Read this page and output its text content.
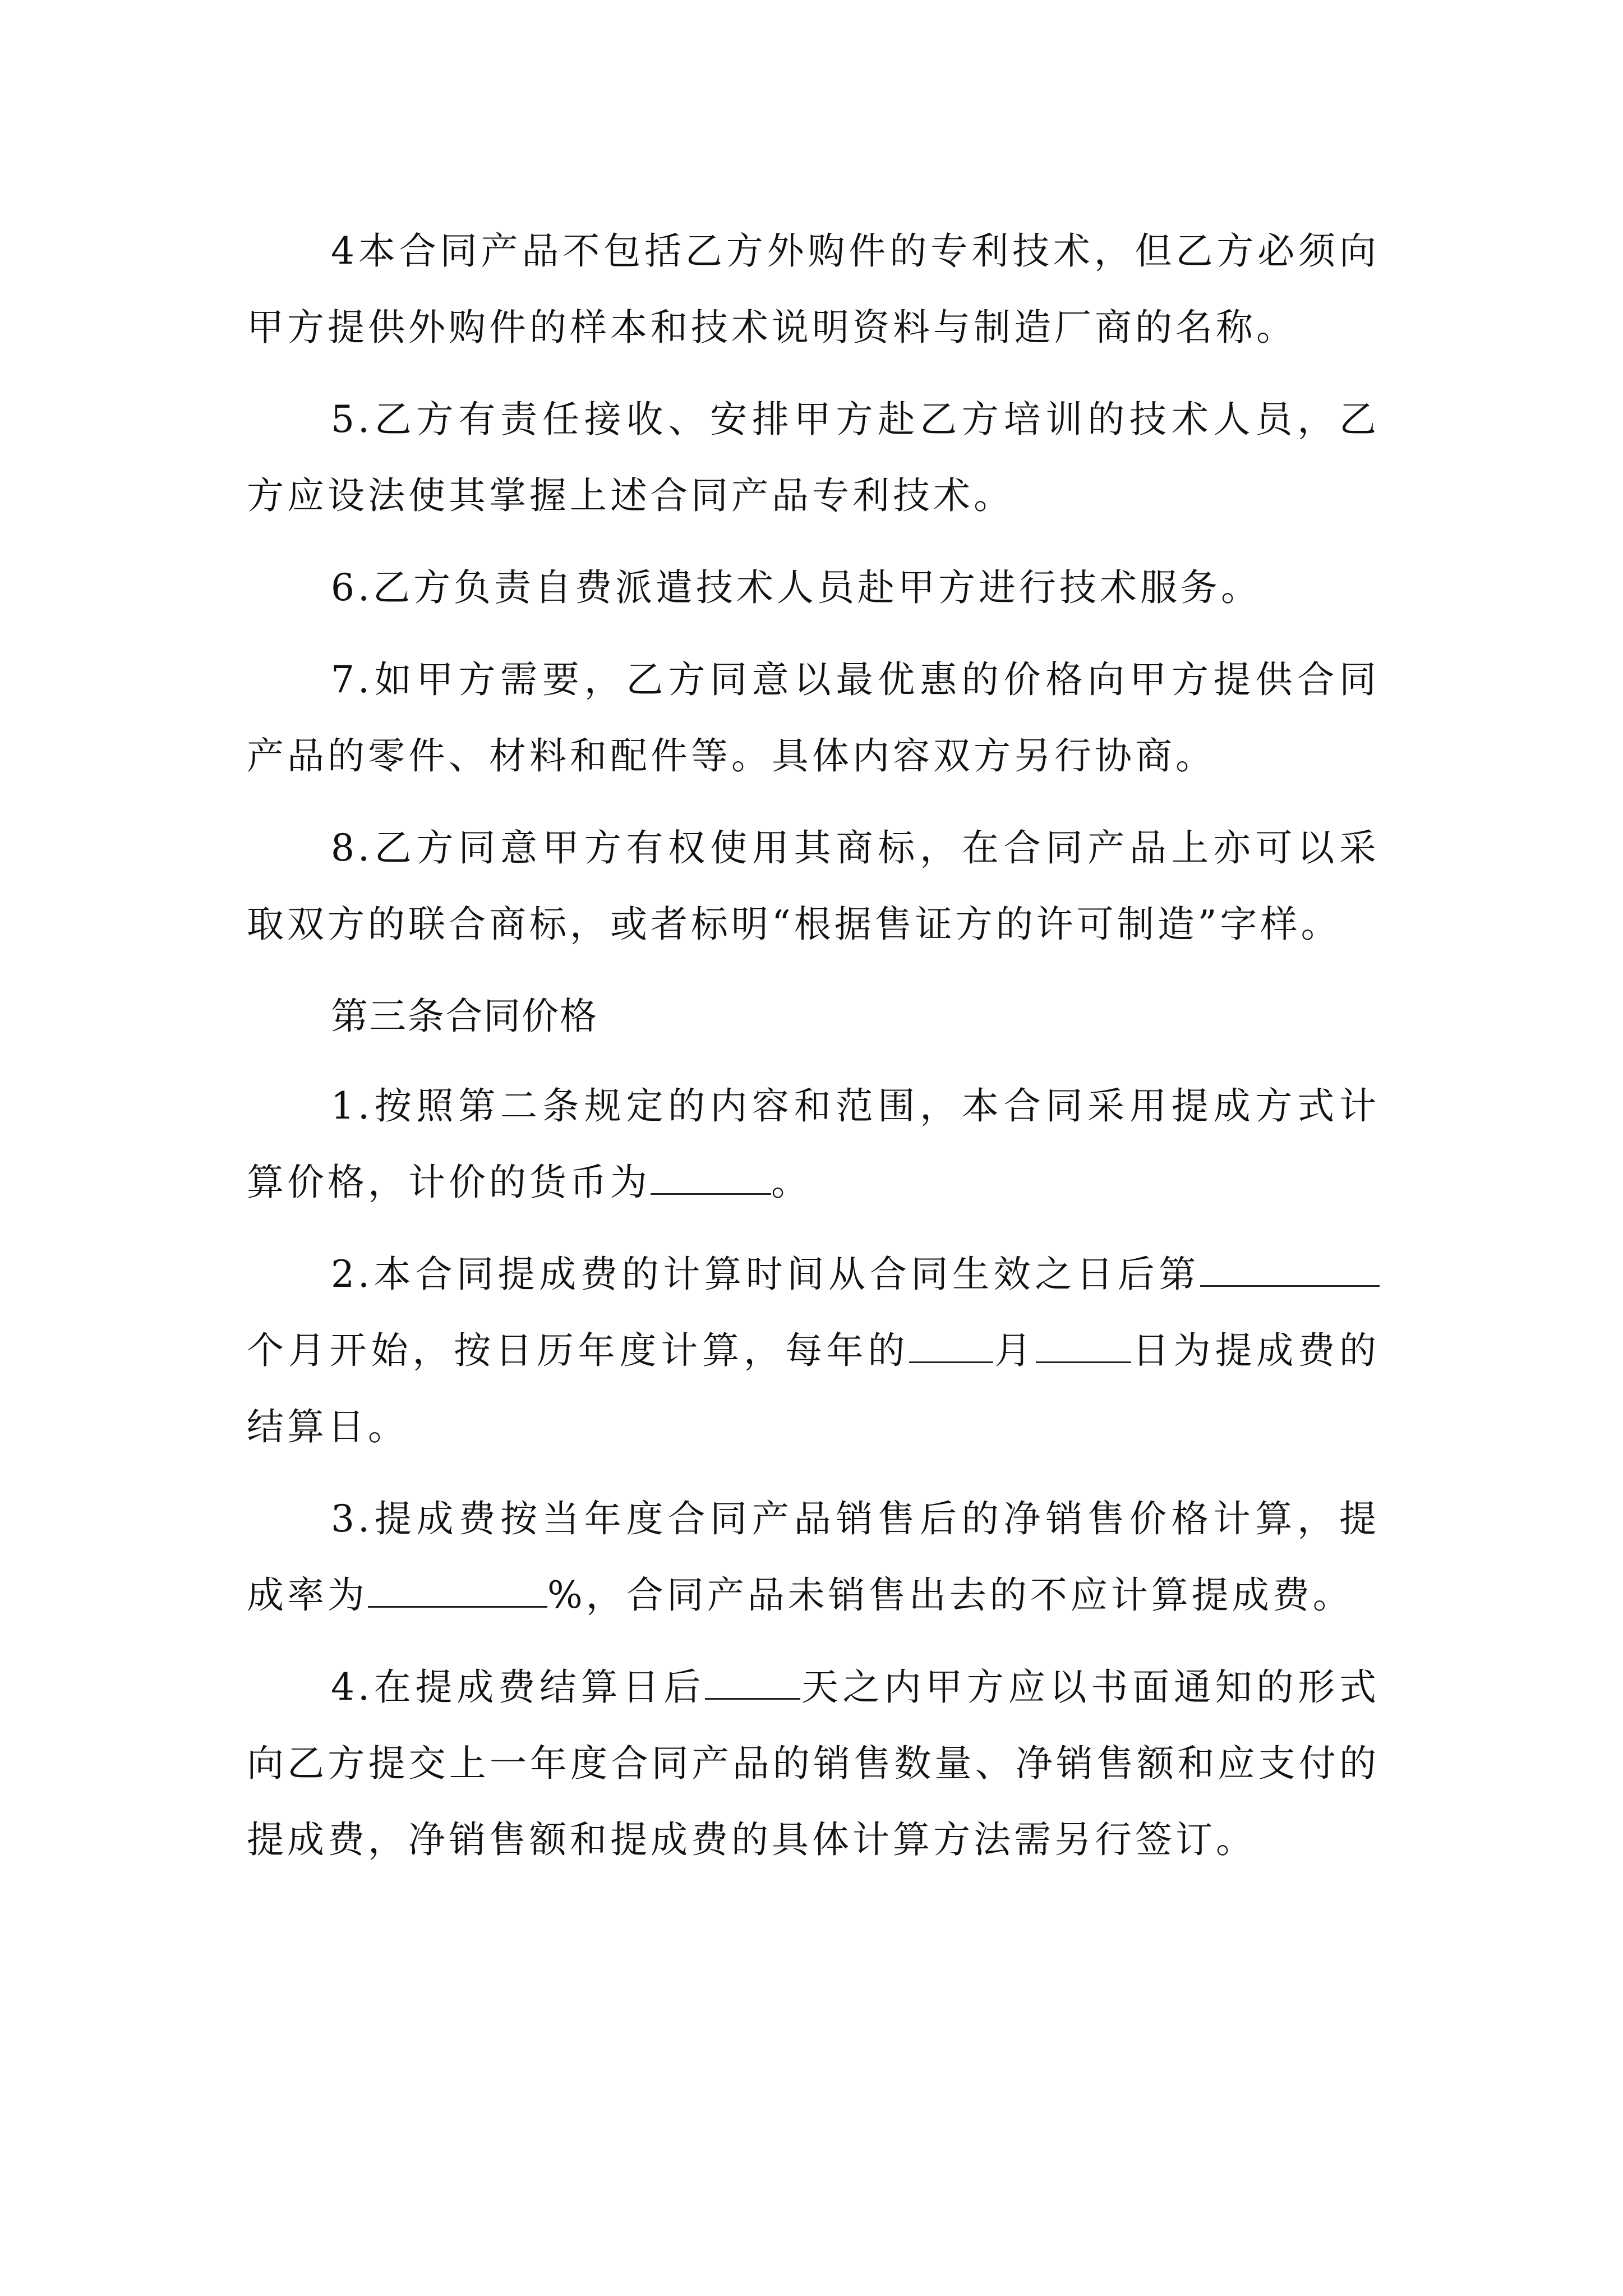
4本合同产品不包括乙方外购件的专利技术，但乙方必须向甲方提供外购件的样本和技术说明资料与制造厂商的名称。

5.乙方有责任接收、安排甲方赴乙方培训的技术人员，乙方应设法使其掌握上述合同产品专利技术。

6.乙方负责自费派遣技术人员赴甲方进行技术服务。

7.如甲方需要，乙方同意以最优惠的价格向甲方提供合同产品的零件、材料和配件等。具体内容双方另行协商。

8.乙方同意甲方有权使用其商标，在合同产品上亦可以采取双方的联合商标，或者标明“根据售证方的许可制造”字样。

第三条合同价格

1.按照第二条规定的内容和范围，本合同采用提成方式计算价格，计价的货币为	。

2.本合同提成费的计算时间从合同生效之日后第个月开始，按日历年度计算，每年的 月	日为提成费的结算日。

3.提成费按当年度合同产品销售后的净销售价格计算，提成率为	%，合同产品未销售出去的不应计算提成费。

4.在提成费结算日后	天之内甲方应以书面通知的形式向乙方提交上一年度合同产品的销售数量、净销售额和应支付的提成费，净销售额和提成费的具体计算方法需另行签订。
